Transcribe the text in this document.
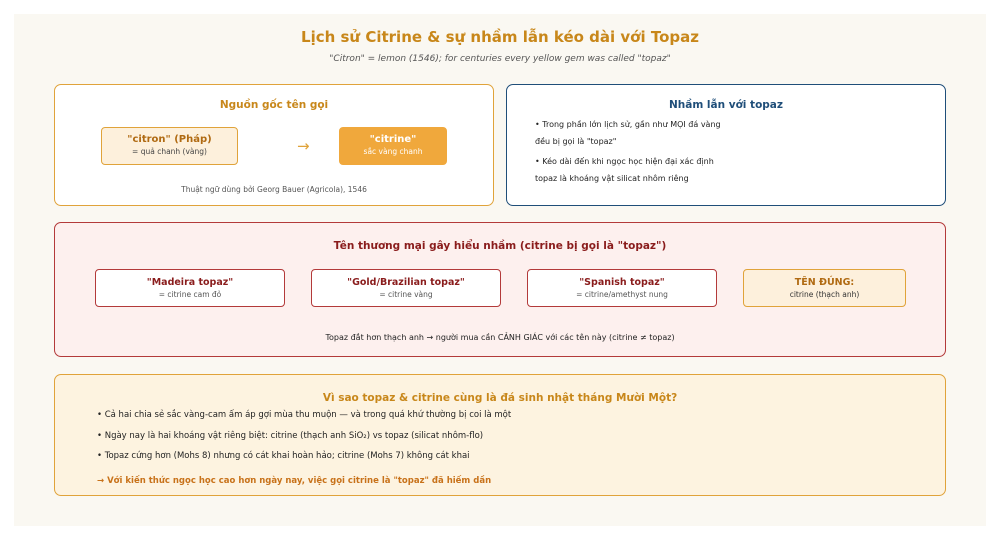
Lịch sử Citrine & sự nhầm lẫn kéo dài với Topaz
"Citron" = lemon (1546); for centuries every yellow gem was called "topaz"
Nguồn gốc tên gọi
"citron" (Pháp)
= quả chanh (vàng)	→	"citrine"
sắc vàng chanh
Thuật ngữ dùng bởi Georg Bauer (Agricola), 1546
Nhầm lẫn với topaz
• Trong phần lớn lịch sử, gần như MỌI đá vàng
đều bị gọi là "topaz"
• Kéo dài đến khi ngọc học hiện đại xác định
topaz là khoáng vật silicat nhôm riêng
Tên thương mại gây hiểu nhầm (citrine bị gọi là "topaz")
"Madeira topaz"
= citrine cam đỏ
"Gold/Brazilian topaz"
= citrine vàng
"Spanish topaz"
= citrine/amethyst nung
TÊN ĐÚNG:
citrine (thạch anh)
Topaz đắt hơn thạch anh → người mua cần CẢNH GIÁC với các tên này (citrine ≠ topaz)
Vì sao topaz & citrine cùng là đá sinh nhật tháng Mười Một?
• Cả hai chia sẻ sắc vàng-cam ấm áp gợi mùa thu muộn — và trong quá khứ thường bị coi là một
• Ngày nay là hai khoáng vật riêng biệt: citrine (thạch anh SiO₂) vs topaz (silicat nhôm-flo)
• Topaz cứng hơn (Mohs 8) nhưng có cát khai hoàn hảo; citrine (Mohs 7) không cát khai
→ Với kiến thức ngọc học cao hơn ngày nay, việc gọi citrine là "topaz" đã hiếm dần
